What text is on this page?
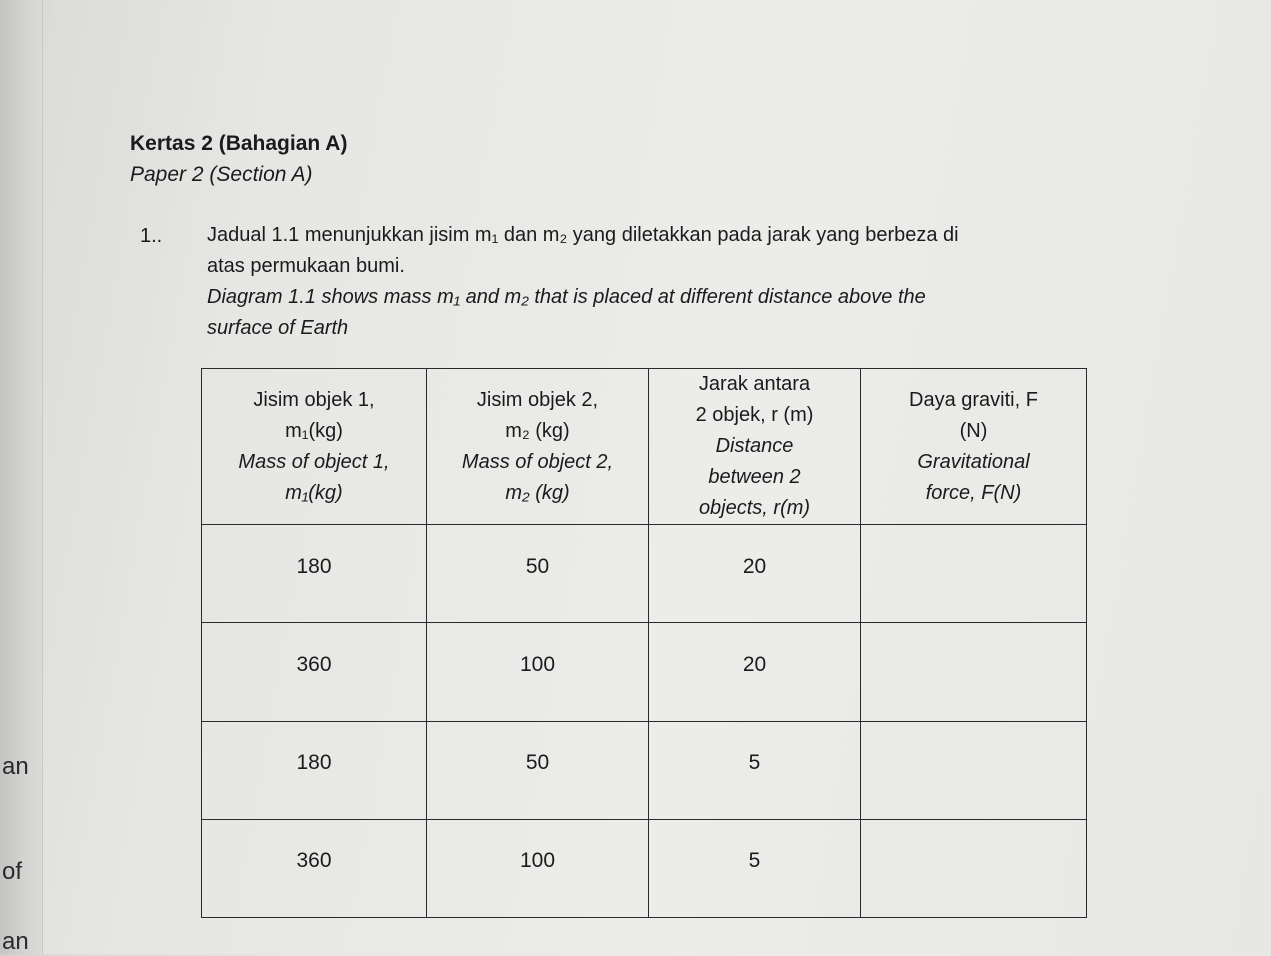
an
of
an
Kertas 2 (Bahagian A)
Paper 2 (Section A)
1.. Jadual 1.1 menunjukkan jisim m₁ dan m₂ yang diletakkan pada jarak yang berbeza di
atas permukaan bumi.
Diagram 1.1 shows mass m₁ and m₂ that is placed at different distance above the
surface of Earth
Jisim objek 1,
m₁(kg)
Mass of object 1,
m₁(kg)	Jisim objek 2,
m₂ (kg)
Mass of object 2,
m₂ (kg)	Jarak antara
2 objek, r (m)
Distance
between 2
objects, r(m)	Daya graviti, F
(N)
Gravitational
force, F(N)

180	50	20	
360	100	20	
180	50	5	
360	100	5	
